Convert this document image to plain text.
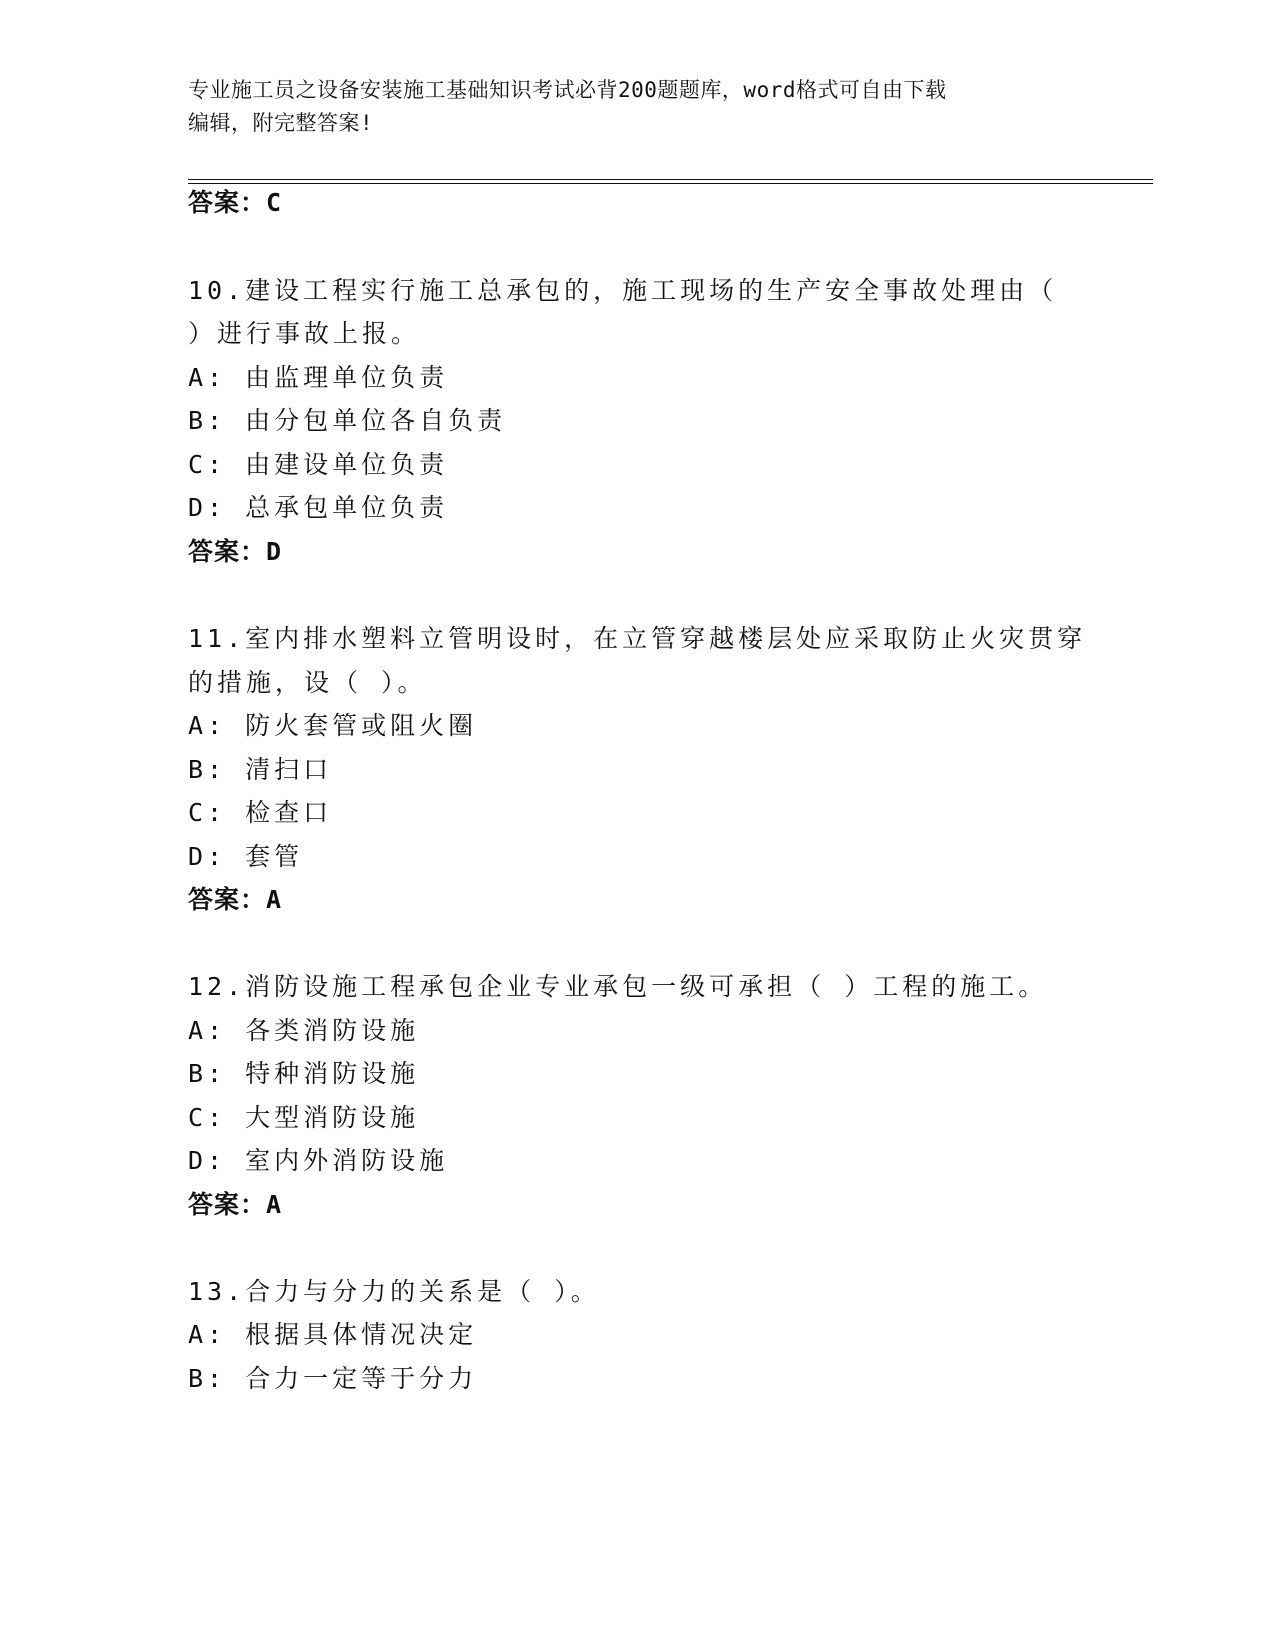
专业施工员之设备安装施工基础知识考试必背200题题库，word格式可自由下载
编辑，附完整答案!
答案：C
10.建设工程实行施工总承包的，施工现场的生产安全事故处理由（
）进行事故上报。
A: 由监理单位负责
B: 由分包单位各自负责
C: 由建设单位负责
D: 总承包单位负责
答案：D
11.室内排水塑料立管明设时，在立管穿越楼层处应采取防止火灾贯穿
的措施，设（ ）。
A: 防火套管或阻火圈
B: 清扫口
C: 检查口
D: 套管
答案：A
12.消防设施工程承包企业专业承包一级可承担（ ）工程的施工。
A: 各类消防设施
B: 特种消防设施
C: 大型消防设施
D: 室内外消防设施
答案：A
13.合力与分力的关系是（ ）。
A: 根据具体情况决定
B: 合力一定等于分力
